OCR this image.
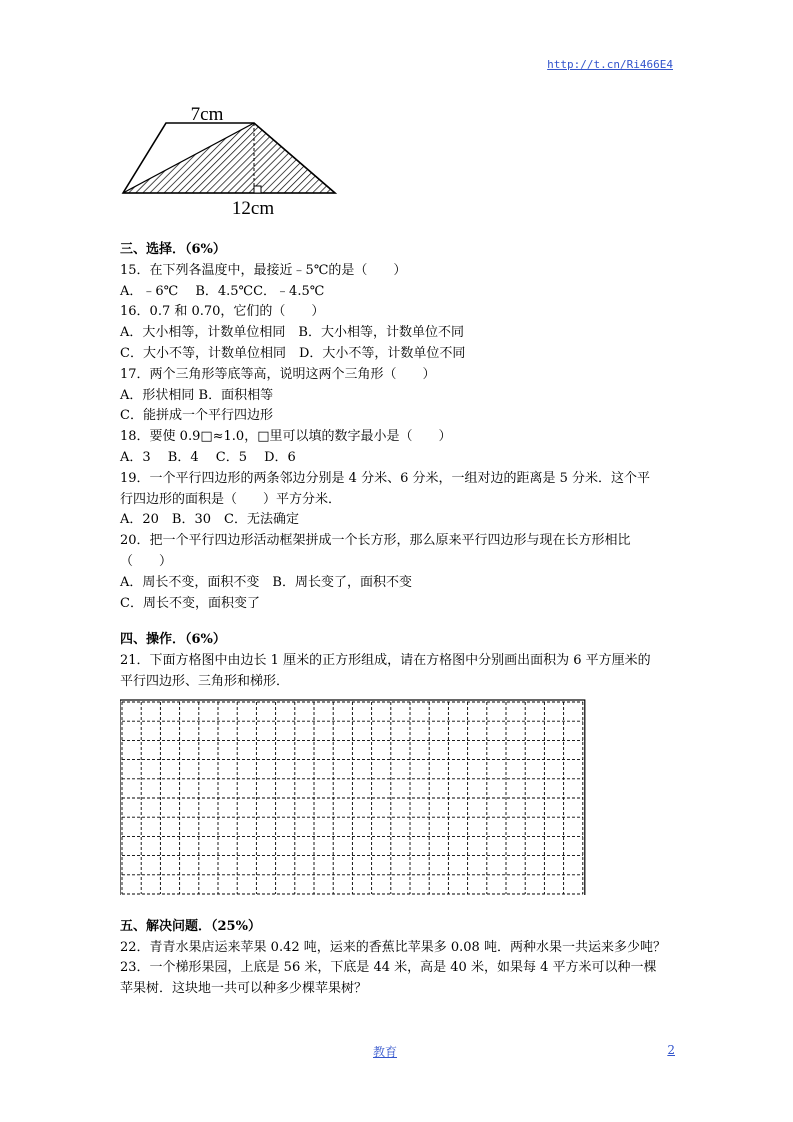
http://t.cn/Ri466E4
7cm
12cm
三、选择．（6%）
15．在下列各温度中，最接近﹣5℃的是（　　）
A．﹣6℃　 B．4.5℃C．﹣4.5℃
16．0.7 和 0.70，它们的（　　）
A．大小相等，计数单位相同　B．大小相等，计数单位不同
C．大小不等，计数单位相同　D．大小不等，计数单位不同
17．两个三角形等底等高，说明这两个三角形（　　）
A．形状相同 B．面积相等
C．能拼成一个平行四边形
18．要使 0.9□≈1.0，□里可以填的数字最小是（　　）
A．3　 B．4　 C．5　 D．6
19．一个平行四边形的两条邻边分别是 4 分米、6 分米，一组对边的距离是 5 分米．这个平
行四边形的面积是（　　）平方分米．
A．20　B．30　C．无法确定
20．把一个平行四边形活动框架拼成一个长方形，那么原来平行四边形与现在长方形相比
（　　）
A．周长不变，面积不变　B．周长变了，面积不变
C．周长不变，面积变了
四、操作．（6%）
21．下面方格图中由边长 1 厘米的正方形组成，请在方格图中分别画出面积为 6 平方厘米的
平行四边形、三角形和梯形．
五、解决问题．（25%）
22．青青水果店运来苹果 0.42 吨，运来的香蕉比苹果多 0.08 吨．两种水果一共运来多少吨？
23．一个梯形果园，上底是 56 米，下底是 44 米，高是 40 米，如果每 4 平方米可以种一棵
苹果树．这块地一共可以种多少棵苹果树？
教育	2
